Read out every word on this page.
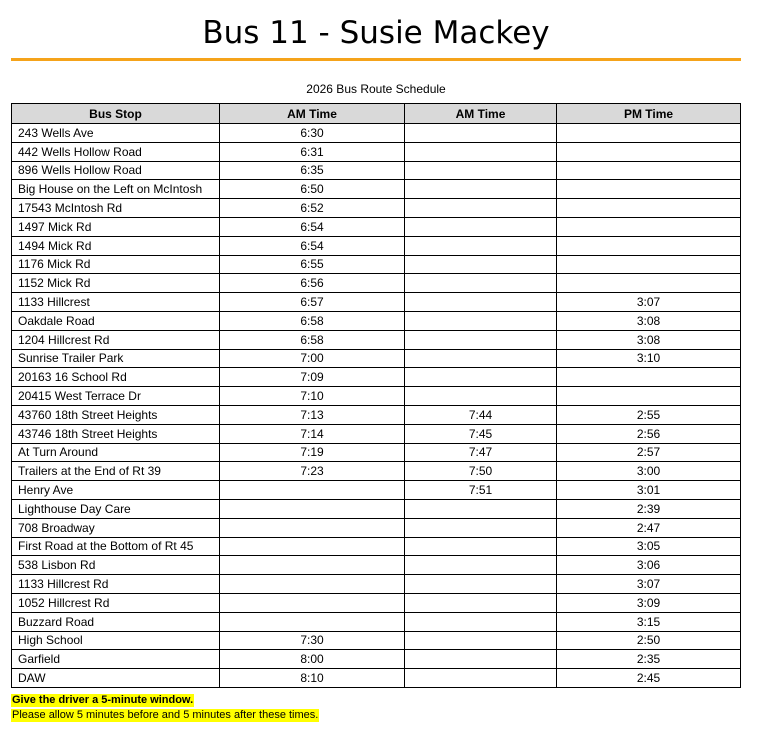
Bus 11 - Susie Mackey
2026 Bus Route Schedule
Bus Stop	AM Time	AM Time	PM Time
243 Wells Ave	6:30		
442 Wells Hollow Road	6:31		
896 Wells Hollow Road	6:35		
Big House on the Left on McIntosh	6:50		
17543 McIntosh Rd	6:52		
1497 Mick Rd	6:54		
1494 Mick Rd	6:54		
1176 Mick Rd	6:55		
1152 Mick Rd	6:56		
1133 Hillcrest	6:57		3:07
Oakdale Road	6:58		3:08
1204 Hillcrest Rd	6:58		3:08
Sunrise Trailer Park	7:00		3:10
20163 16 School Rd	7:09		
20415 West Terrace Dr	7:10		
43760 18th Street Heights	7:13	7:44	2:55
43746 18th Street Heights	7:14	7:45	2:56
At Turn Around	7:19	7:47	2:57
Trailers at the End of Rt 39	7:23	7:50	3:00
Henry Ave		7:51	3:01
Lighthouse Day Care			2:39
708 Broadway			2:47
First Road at the Bottom of Rt 45			3:05
538 Lisbon Rd			3:06
1133 Hillcrest Rd			3:07
1052 Hillcrest Rd			3:09
Buzzard Road			3:15
High School	7:30		2:50
Garfield	8:00		2:35
DAW	8:10		2:45
Give the driver a 5-minute window.
Please allow 5 minutes before and 5 minutes after these times.
